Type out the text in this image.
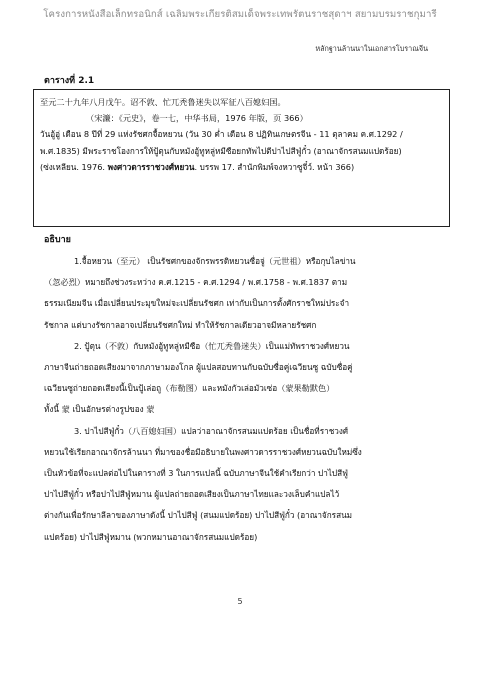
โครงการหนังสือเล็กทรอนิกส์ เฉลิมพระเกียรติสมเด็จพระเทพรัตนราชสุดาฯ สยามบรมราชกุมารี
หลักฐานล้านนาในเอกสารโบราณจีน
ตารางที่ 2.1

至元二十九年八月戊午。诏不敦、忙兀秃鲁迷失以军征八百媳妇国。

（宋濂：《元史》，卷一七，中华书局，1976 年版，页 366）

วันอู้อู่ เดือน 8 ปีที่ 29 แห่งรัชศกจื้อหยวน (วัน 30 ค่ำ เดือน 8 ปฏิทินเกษตรจีน - 11 ตุลาคม ค.ศ.1292 / พ.ศ.1835) มีพระราชโองการให้ปู้ตุนกับหมังอู้ทูหลู่หมีซือยกทัพไปตีปาไปสีฟู่กั๋ว (อาณาจักรสนมแปดร้อย)

(ซ่งเหลียน. 1976. พงศาวดารราชวงศ์หยวน. บรรพ 17. สำนักพิมพ์จงหวาซูจี๋ว์. หน้า 366)

อธิบาย

1.จื้อหยวน（至元） เป็นรัชศกของจักรพรรดิหยวนซื่อจู่（元世祖）หรือกุบไลข่าน

（忽必烈）หมายถึงช่วงระหว่าง ค.ศ.1215 - ค.ศ.1294 / พ.ศ.1758 - พ.ศ.1837 ตาม

ธรรมเนียมจีน เมื่อเปลี่ยนประมุขใหม่จะเปลี่ยนรัชศก เท่ากับเป็นการตั้งศักราชใหม่ประจำ

รัชกาล แต่บางรัชกาลอาจเปลี่ยนรัชศกใหม่ ทำให้รัชกาลเดียวอาจมีหลายรัชศก

2. ปู้ตุน（不敦）กับหมังอู้ทูหลู่หมีซือ（忙兀秃鲁迷失）เป็นแม่ทัพราชวงศ์หยวน

ภาษาจีนถ่ายถอดเสียงมาจากภาษามองโกล ผู้แปลสอบทานกับฉบับซื่อคู่เฉวียนซู ฉบับซื่อคู่

เฉวียนซูถ่ายถอดเสียงนี้เป็นปู้เล่อถู（布勒图）และหมังกัวเล่อมัวเซ่อ（蒙果勒默色）

ทั้งนี้ 蒙 เป็นอักษรต่างรูปของ 蒙

3. ปาไปสีฟู่กั๋ว（八百媳妇国）แปลว่าอาณาจักรสนมแปดร้อย เป็นชื่อที่ราชวงศ์

หยวนใช้เรียกอาณาจักรล้านนา ที่มาของชื่อมีอธิบายในพงศาวดารราชวงศ์หยวนฉบับใหม่ซึ่ง

เป็นหัวข้อที่จะแปลต่อไปในตารางที่ 3 ในการแปลนี้ ฉบับภาษาจีนใช้คำเรียกว่า ปาไปสีฟู่

ปาไปสีฟู่กั๋ว หรือปาไปสีฟู่หมาน ผู้แปลถ่ายถอดเสียงเป็นภาษาไทยและวงเล็บคำแปลไว้

ต่างกันเพื่อรักษาลีลาของภาษาดังนี้ ปาไปสีฟู่ (สนมแปดร้อย) ปาไปสีฟู่กั๋ว (อาณาจักรสนม

แปดร้อย) ปาไปสีฟู่หมาน (พวกหมานอาณาจักรสนมแปดร้อย)

5
